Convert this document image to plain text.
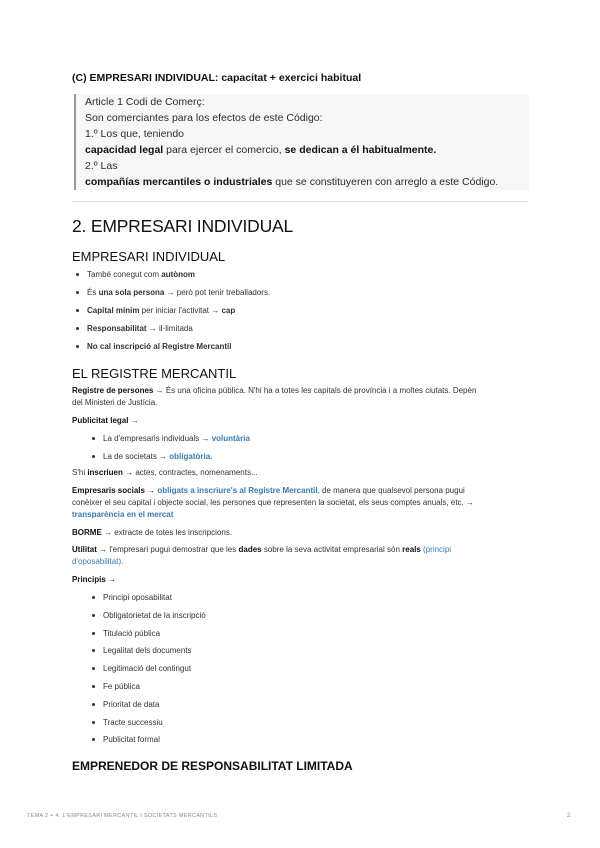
(C) EMPRESARI INDIVIDUAL: capacitat + exercici habitual
Article 1 Codi de Comerç:
Son comerciantes para los efectos de este Código:
1.º Los que, teniendo
capacidad legal para ejercer el comercio, se dedican a él habitualmente.
2.º Las
compañías mercantiles o industriales que se constituyeren con arreglo a este Código.
2. EMPRESARI INDIVIDUAL
EMPRESARI INDIVIDUAL
També conegut com autònom
És una sola persona → però pot tenir treballadors.
Capital mínim per iniciar l'activitat → cap
Responsabilitat → il·limitada
No cal inscripció al Registre Mercantil
EL REGISTRE MERCANTIL
Registre de persones → És una oficina pública. N'hi ha a totes les capitals de província i a moltes ciutats. Depèn
del Ministeri de Justícia.
Publicitat legal →
La d'empresaris individuals → voluntària
La de societats → obligatòria.
S'hi inscriuen → actes, contractes, nomenaments...
Empresaris socials → obligats a inscriure's al Registre Mercantil, de manera que qualsevol persona pugui
conèixer el seu capital i objecte social, les persones que representen la societat, els seus comptes anuals, etc. →
transparència en el mercat
BORME → extracte de totes les inscripcions.
Utilitat → l'empresari pugui demostrar que les dades sobre la seva activitat empresarial són reals (principi
d'oposabilitat).
Principis →
Principi oposabilitat
Obligatorietat de la inscripció
Titulació pública
Legalitat dels documents
Legitimació del contingut
Fe pública
Prioritat de data
Tracte successiu
Publicitat formal
EMPRENEDOR DE RESPONSABILITAT LIMITADA
TEMA 2 + 4: L'EMPRESARI MERCANTIL I SOCIETATS MERCANTILS	2
